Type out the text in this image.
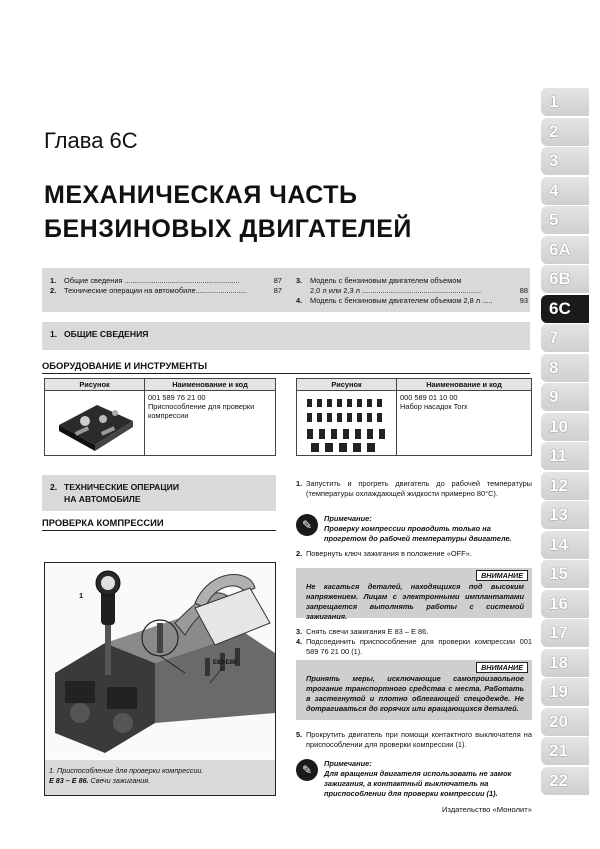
1
2
3
4
5
6A
6B
6C
7
8
9
10
11
12
13
14
15
16
17
18
19
20
21
22
Глава 6С
МЕХАНИЧЕСКАЯ ЧАСТЬ
БЕНЗИНОВЫХ ДВИГАТЕЛЕЙ
1.	Общие сведения ........................................................	87
2.	Технические операции на автомобиле.........................	87
3.	Модель с бензиновым двигателем объемом
2,0 л или 2,3 л ..........................................................	88
4.	Модель с бензиновым двигателем объемом 2,8 л .....	93
1. ОБЩИЕ СВЕДЕНИЯ
ОБОРУДОВАНИЕ И ИНСТРУМЕНТЫ
Рисунок	Наименование и код
001 589 76 21 00
Приспособление для проверки компрессии
Рисунок	Наименование и код
000 589 01 10 00
Набор насадок Torx
2. ТЕХНИЧЕСКИЕ ОПЕРАЦИИ
НА АВТОМОБИЛЕ
ПРОВЕРКА КОМПРЕССИИ
1
E83-E86
1. Приспособление для проверки компрессии.
E 83 – E 86. Свечи зажигания.
1. Запустить и прогреть двигатель до рабочей температуры (температуры охлаждающей жидкости примерно 80°С).
✎	Примечание:
Проверку компрессии проводить только на прогретом до рабочей температуры двигателе.
2. Повернуть ключ зажигания в положение «OFF».
ВНИМАНИЕ
Не касаться деталей, находящихся под высоким напряжением. Лицам с электронными имплантатами запрещается выполнять работы с системой зажигания.
3. Снять свечи зажигания E 83 – E 86.
4. Подсоединить приспособление для проверки компрессии 001 589 76 21 00 (1).
ВНИМАНИЕ
Принять меры, исключающие самопроизвольное трогание транспортного средства с места. Работать в застегнутой и плотно облегающей спецодежде. Не дотрагиваться до горячих или вращающихся деталей.
5. Прокрутить двигатель при помощи контактного выключателя на приспособлении для проверки компрессии (1).
✎	Примечание:
Для вращения двигателя использовать не замок зажигания, а контактный выключатель на приспособлении для проверки компрессии (1).
Издательство «Монолит»
